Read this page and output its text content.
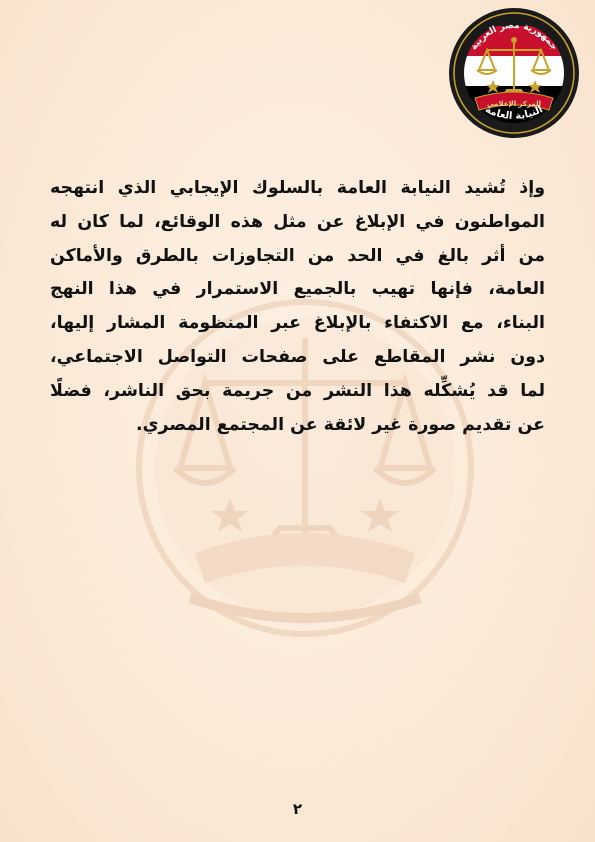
جمهورية مصر العربية
المركز الإعلامي
النيابة العامة
وإذ تُشيد النيابة العامة بالسلوك الإيجابي الذي انتهجه
المواطنون في الإبلاغ عن مثل هذه الوقائع، لما كان له
من أثر بالغ في الحد من التجاوزات بالطرق والأماكن
العامة، فإنها تهيب بالجميع الاستمرار في هذا النهج
البناء، مع الاكتفاء بالإبلاغ عبر المنظومة المشار إليها،
دون نشر المقاطع على صفحات التواصل الاجتماعي،
لما قد يُشكِّله هذا النشر من جريمة بحق الناشر، فضلًا
عن تقديم صورة غير لائقة عن المجتمع المصري.
٢
